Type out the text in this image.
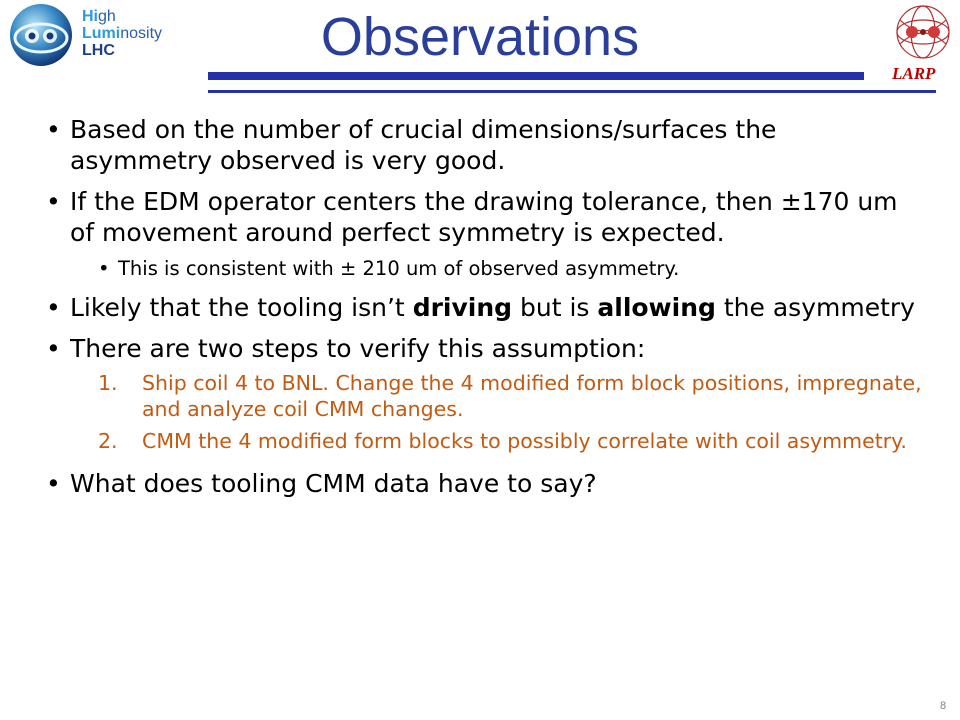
High
Luminosity
LHC	Observations
LARP
• Based on the number of crucial dimensions/surfaces the asymmetry observed is very good.
• If the EDM operator centers the drawing tolerance, then ±170 um of movement around perfect symmetry is expected.
• This is consistent with ± 210 um of observed asymmetry.
• Likely that the tooling isn’t driving but is allowing the asymmetry
• There are two steps to verify this assumption:
1. Ship coil 4 to BNL. Change the 4 modified form block positions, impregnate, and analyze coil CMM changes.
2. CMM the 4 modified form blocks to possibly correlate with coil asymmetry.
• What does tooling CMM data have to say?
8
